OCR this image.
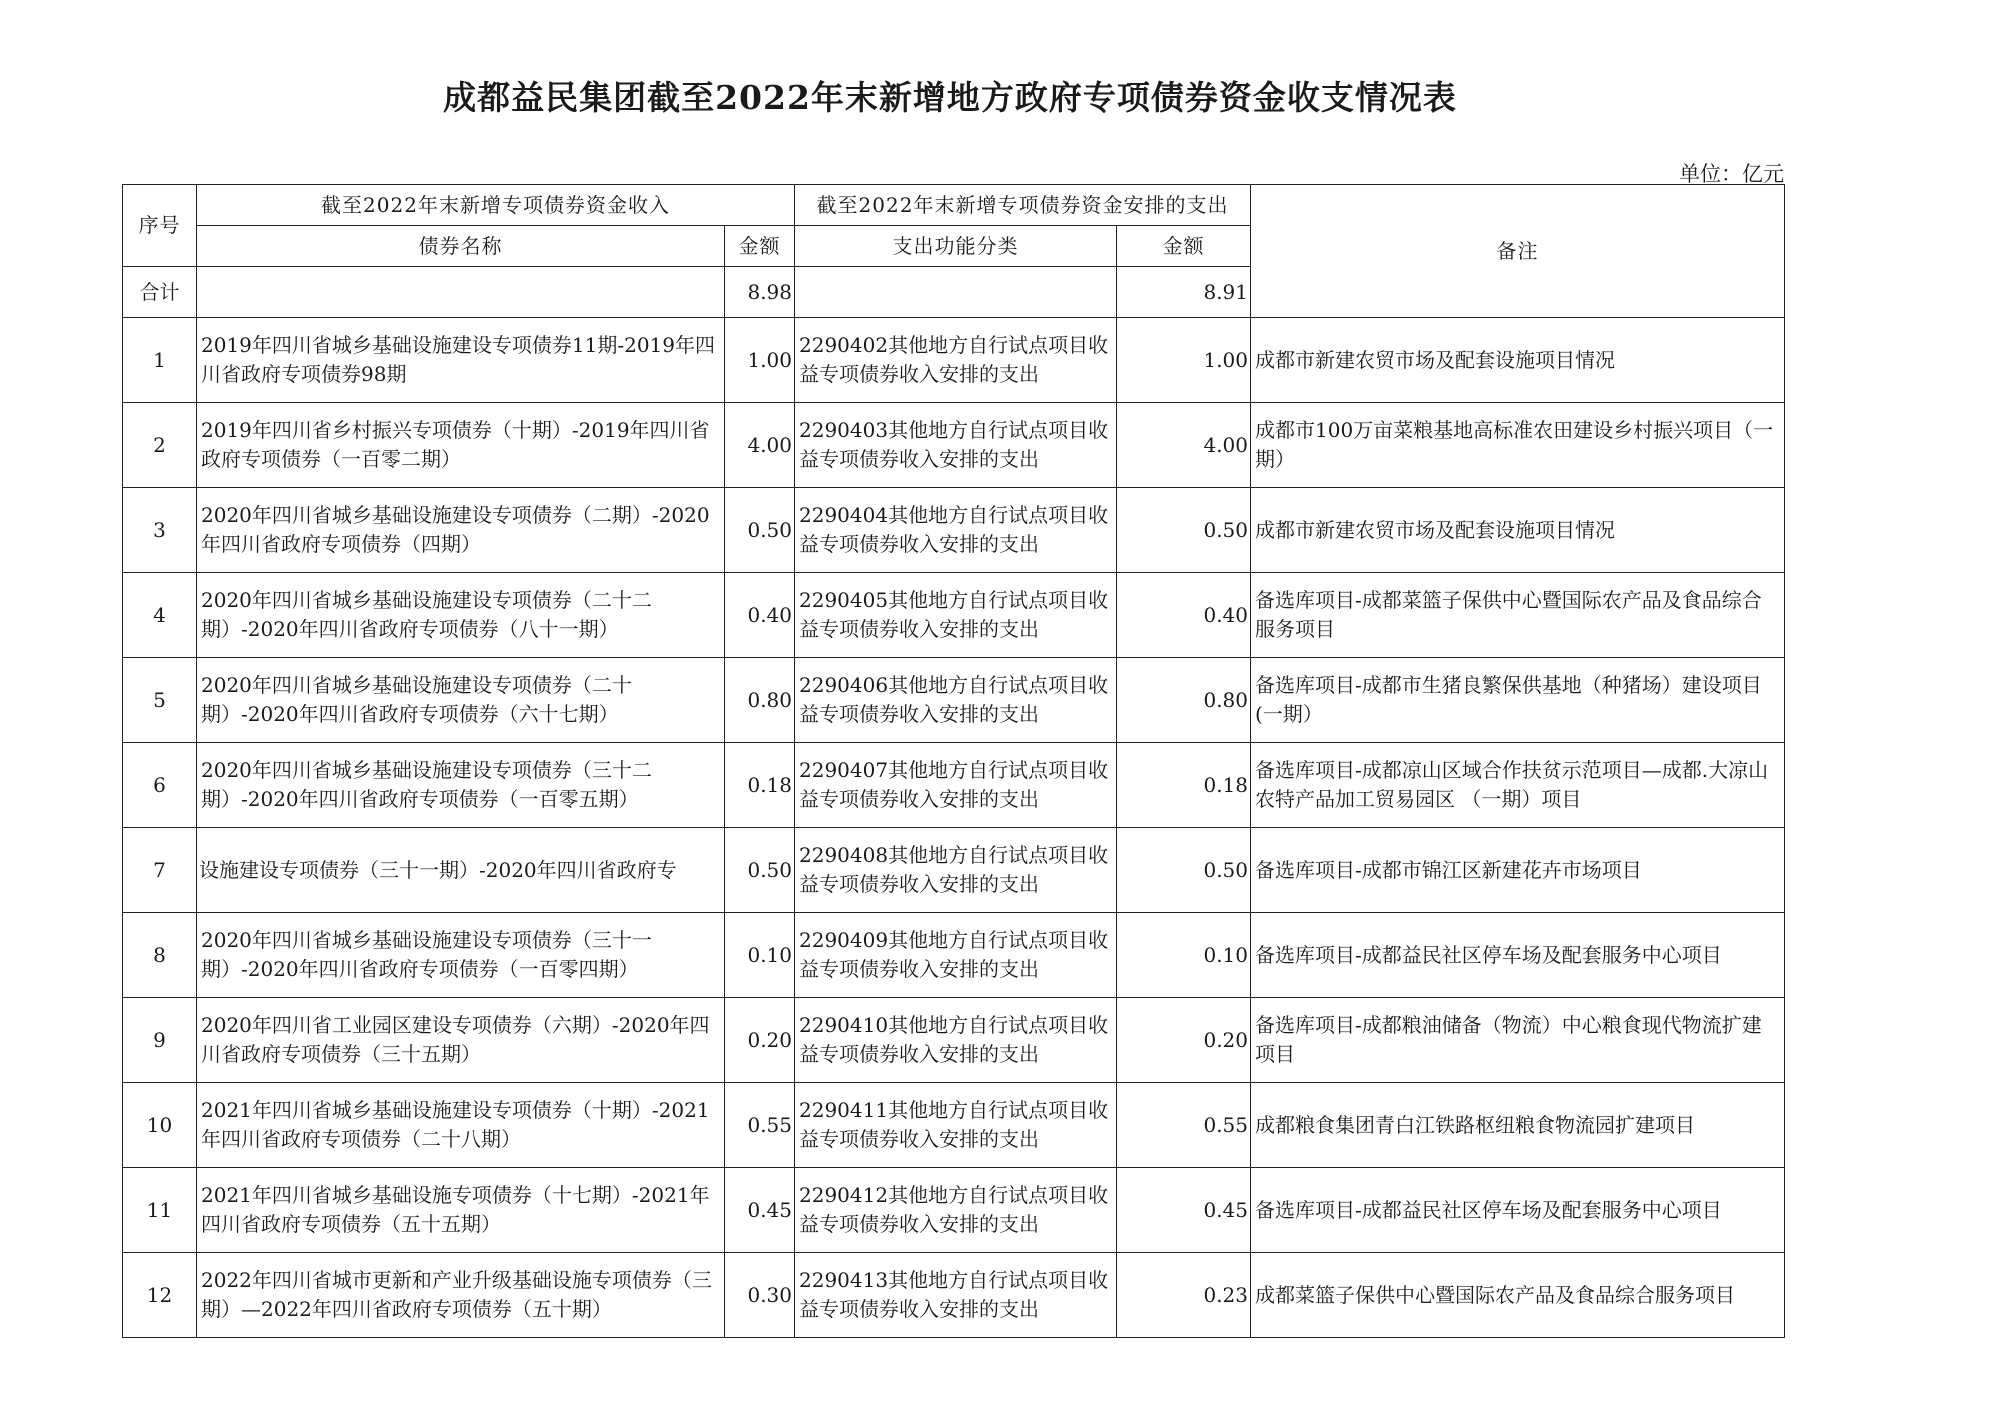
成都益民集团截至2022年末新增地方政府专项债券资金收支情况表
单位：亿元
序号	截至2022年末新增专项债券资金收入		截至2022年末新增专项债券资金安排的支出		备注
	债券名称	金额	支出功能分类	金额	
合计		8.98		8.91	
1	2019年四川省城乡基础设施建设专项债券11期-2019年四川省政府专项债券98期	1.00	2290402其他地方自行试点项目收益专项债券收入安排的支出	1.00	成都市新建农贸市场及配套设施项目情况
2	2019年四川省乡村振兴专项债券（十期）-2019年四川省政府专项债券（一百零二期）	4.00	2290403其他地方自行试点项目收益专项债券收入安排的支出	4.00	成都市100万亩菜粮基地高标准农田建设乡村振兴项目（一期）
3	2020年四川省城乡基础设施建设专项债券（二期）-2020年四川省政府专项债券（四期）	0.50	2290404其他地方自行试点项目收益专项债券收入安排的支出	0.50	成都市新建农贸市场及配套设施项目情况
4	2020年四川省城乡基础设施建设专项债券（二十二期）-2020年四川省政府专项债券（八十一期）	0.40	2290405其他地方自行试点项目收益专项债券收入安排的支出	0.40	备选库项目-成都菜篮子保供中心暨国际农产品及食品综合服务项目
5	2020年四川省城乡基础设施建设专项债券（二十期）-2020年四川省政府专项债券（六十七期）	0.80	2290406其他地方自行试点项目收益专项债券收入安排的支出	0.80	备选库项目-成都市生猪良繁保供基地（种猪场）建设项目(一期）
6	2020年四川省城乡基础设施建设专项债券（三十二期）-2020年四川省政府专项债券（一百零五期）	0.18	2290407其他地方自行试点项目收益专项债券收入安排的支出	0.18	备选库项目-成都凉山区域合作扶贫示范项目—成都.大凉山农特产品加工贸易园区 （一期）项目
7	设施建设专项债券（三十一期）-2020年四川省政府专	0.50	2290408其他地方自行试点项目收益专项债券收入安排的支出	0.50	备选库项目-成都市锦江区新建花卉市场项目
8	2020年四川省城乡基础设施建设专项债券（三十一期）-2020年四川省政府专项债券（一百零四期）	0.10	2290409其他地方自行试点项目收益专项债券收入安排的支出	0.10	备选库项目-成都益民社区停车场及配套服务中心项目
9	2020年四川省工业园区建设专项债券（六期）-2020年四川省政府专项债券（三十五期）	0.20	2290410其他地方自行试点项目收益专项债券收入安排的支出	0.20	备选库项目-成都粮油储备（物流）中心粮食现代物流扩建项目
10	2021年四川省城乡基础设施建设专项债券（十期）-2021年四川省政府专项债券（二十八期）	0.55	2290411其他地方自行试点项目收益专项债券收入安排的支出	0.55	成都粮食集团青白江铁路枢纽粮食物流园扩建项目
11	2021年四川省城乡基础设施专项债券（十七期）-2021年四川省政府专项债券（五十五期）	0.45	2290412其他地方自行试点项目收益专项债券收入安排的支出	0.45	备选库项目-成都益民社区停车场及配套服务中心项目
12	2022年四川省城市更新和产业升级基础设施专项债券（三期）—2022年四川省政府专项债券（五十期）	0.30	2290413其他地方自行试点项目收益专项债券收入安排的支出	0.23	成都菜篮子保供中心暨国际农产品及食品综合服务项目
